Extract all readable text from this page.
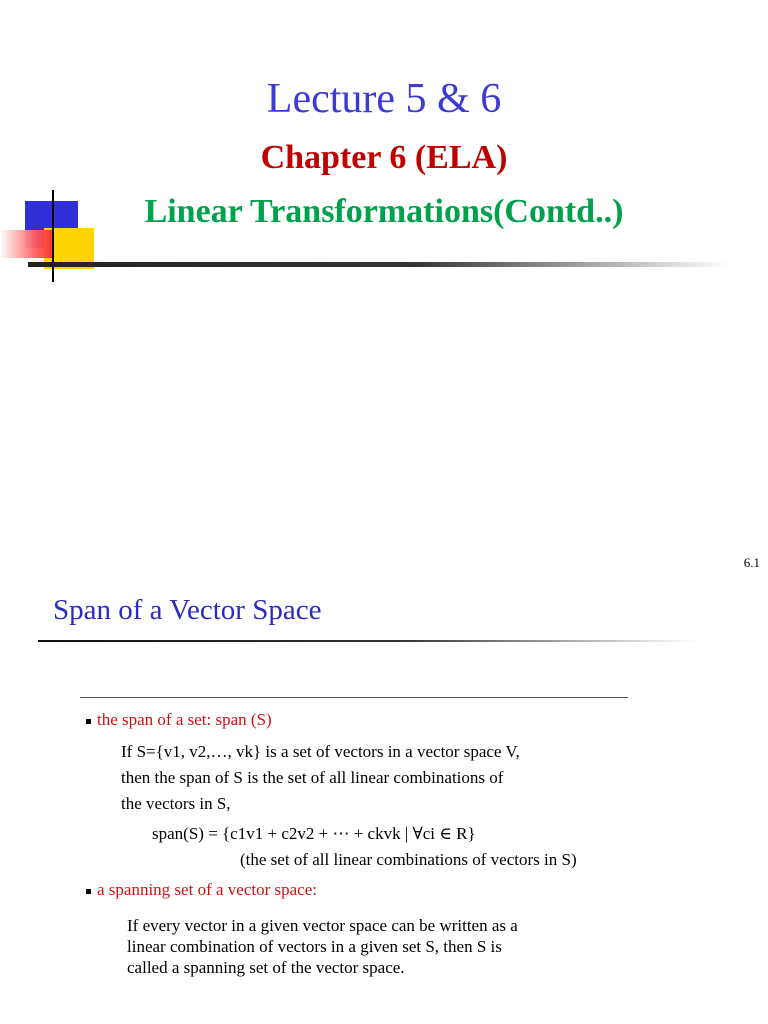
Lecture 5 & 6
Chapter 6 (ELA)
Linear Transformations(Contd..)
6.1
Span of a Vector Space
the span of a set: span (S)
If S={v1, v2,…, vk} is a set of vectors in a vector space V,
then the span of S is the set of all linear combinations of
the vectors in S,
span(S) = {c1v1 + c2v2 + ⋯ + ckvk | ∀ci ∈ R}
(the set of all linear combinations of vectors in S)
a spanning set of a vector space:
If every vector in a given vector space can be written as a
linear combination of vectors in a given set S, then S is
called a spanning set of the vector space.
